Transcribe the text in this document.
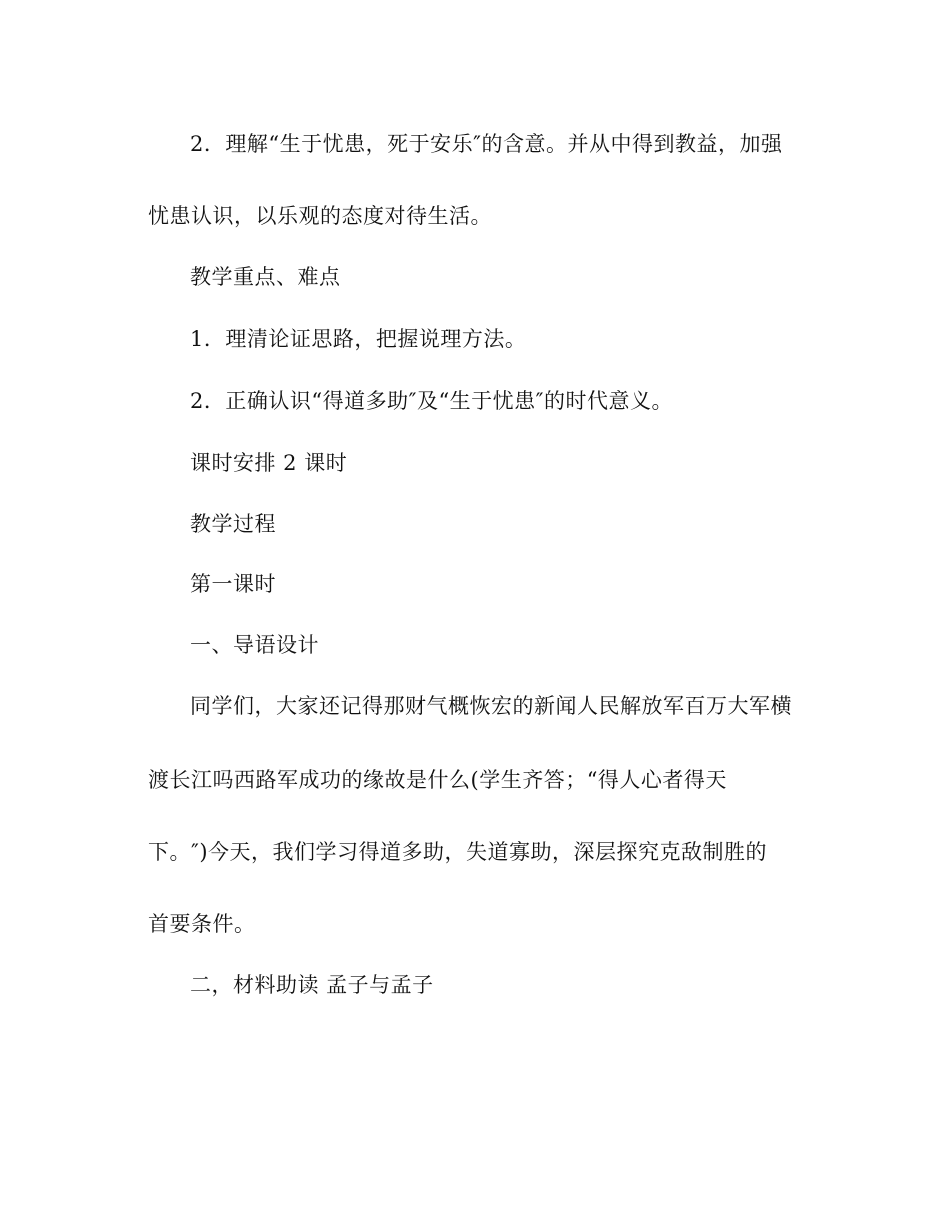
2．理解“生于忧患，死于安乐″的含意。并从中得到教益，加强
忧患认识，以乐观的态度对待生活。
教学重点、难点
1．理清论证思路，把握说理方法。
2．正确认识“得道多助″及“生于忧患″的时代意义。
课时安排 2 课时
教学过程
第一课时
一、导语设计
同学们，大家还记得那财气概恢宏的新闻人民解放军百万大军横
渡长江吗西路军成功的缘故是什么(学生齐答；“得人心者得天
下。″)今天，我们学习得道多助，失道寡助，深层探究克敌制胜的
首要条件。
二，材料助读 孟子与孟子
